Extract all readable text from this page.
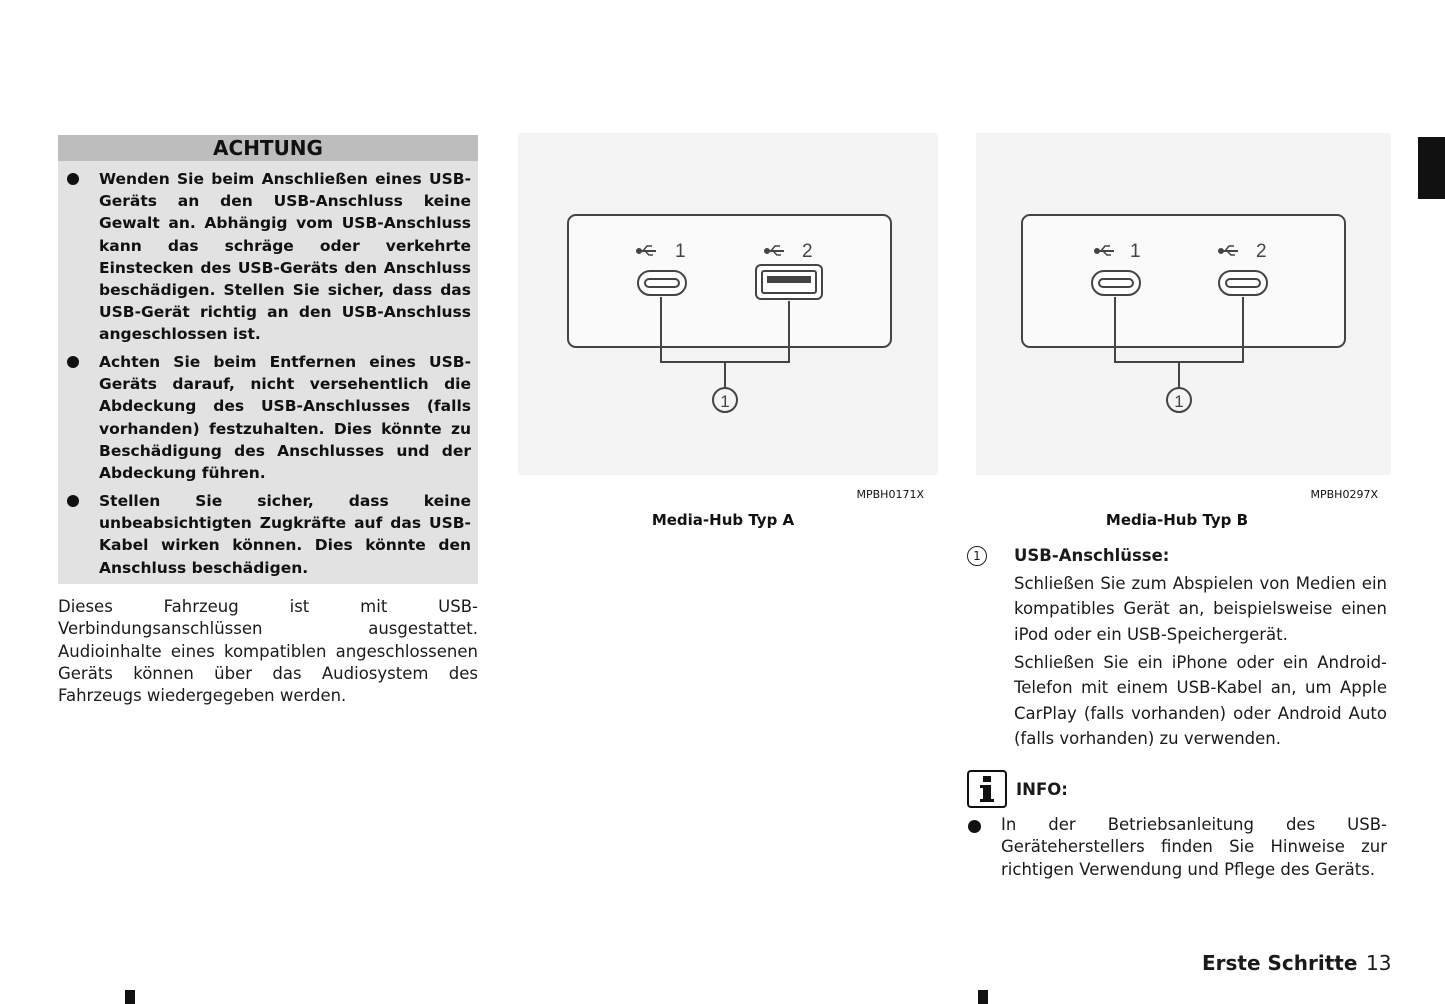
ACHTUNG

Wenden Sie beim Anschließen eines USB-Geräts an den USB-Anschluss keine Gewalt an. Abhängig vom USB-Anschluss kann das schräge oder verkehrte Einstecken des USB-Geräts den Anschluss beschädigen. Stellen Sie sicher, dass das USB-Gerät richtig an den USB-Anschluss angeschlossen ist.

Achten Sie beim Entfernen eines USB-Geräts darauf, nicht versehentlich die Abdeckung des USB-Anschlusses (falls vorhanden) festzuhalten. Dies könnte zu Beschädigung des Anschlusses und der Abdeckung führen.

Stellen Sie sicher, dass keine unbeabsichtigten Zugkräfte auf das USB-Kabel wirken können. Dies könnte den Anschluss beschädigen.

Dieses Fahrzeug ist mit USB-Verbindungsanschlüssen ausgestattet. Audioinhalte eines kompatiblen angeschlossenen Geräts können über das Audiosystem des Fahrzeugs wiedergegeben werden.

1	2
1
MPBH0171X
Media-Hub Typ A
1	2
1
MPBH0297X
Media-Hub Typ B
1	USB-Anschlüsse:

Schließen Sie zum Abspielen von Medien ein kompatibles Gerät an, beispielsweise einen iPod oder ein USB-Speichergerät.

Schließen Sie ein iPhone oder ein Android-Telefon mit einem USB-Kabel an, um Apple CarPlay (falls vorhanden) oder Android Auto (falls vorhanden) zu verwenden.

INFO:

In der Betriebsanleitung des USB-Geräteherstellers finden Sie Hinweise zur richtigen Verwendung und Pflege des Geräts.

Erste Schritte 13
